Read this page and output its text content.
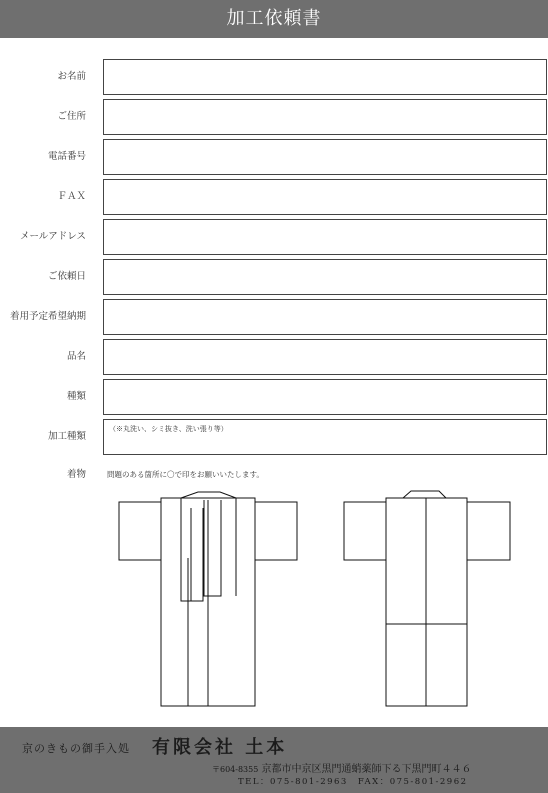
加工依頼書
お名前
ご住所
電話番号
ＦＡＸ
メールアドレス
ご依頼日
着用予定希望納期
品名
種類
加工種類
（※丸洗い、シミ抜き、洗い張り等）
着物	問題のある箇所に〇で印をお願いいたします。
京のきもの御手入処 有限会社 土本
〒604-8355 京都市中京区黒門通蛸薬師下る下黒門町４４６
TEL：075-801-2963　FAX：075-801-2962
